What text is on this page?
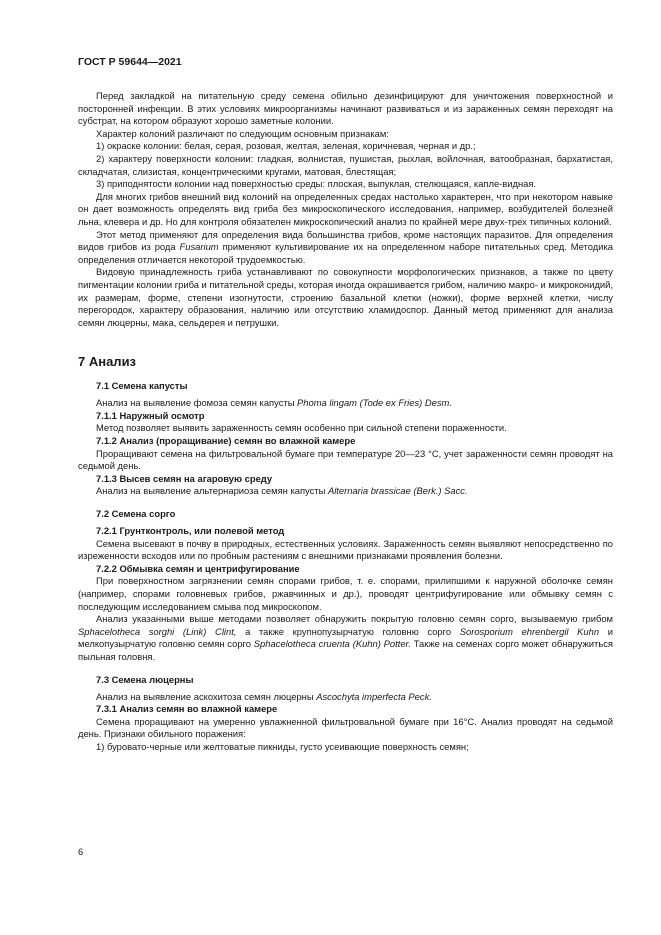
ГОСТ Р 59644—2021

Перед закладкой на питательную среду семена обильно дезинфицируют для уничтожения поверхностной и посторонней инфекции. В этих условиях микроорганизмы начинают развиваться и из зараженных семян переходят на субстрат, на котором образуют хорошо заметные колонии.

Характер колоний различают по следующим основным признакам:

1) окраске колонии: белая, серая, розовая, желтая, зеленая, коричневая, черная и др.;

2) характеру поверхности колонии: гладкая, волнистая, пушистая, рыхлая, войлочная, ватообразная, бархатистая, складчатая, слизистая, концентрическими кругами, матовая, блестящая;

3) приподнятости колонии над поверхностью среды: плоская, выпуклая, стелющаяся, капле-видная.

Для многих грибов внешний вид колоний на определенных средах настолько характерен, что при некотором навыке он дает возможность определять вид гриба без микроскопического исследования, например, возбудителей болезней льна, клевера и др. Но для контроля обязателен микроскопический анализ по крайней мере двух-трех типичных колоний.

Этот метод применяют для определения вида большинства грибов, кроме настоящих паразитов. Для определения видов грибов из рода Fusarium применяют культивирование их на определенном наборе питательных сред. Методика определения отличается некоторой трудоемкостью.

Видовую принадлежность гриба устанавливают по совокупности морфологических признаков, а также по цвету пигментации колонии гриба и питательной среды, которая иногда окрашивается грибом, наличию макро- и микроконидий, их размерам, форме, степени изогнутости, строению базальной клетки (ножки), форме верхней клетки, числу перегородок, характеру образования, наличию или отсутствию хламидоспор. Данный метод применяют для анализа семян люцерны, мака, сельдерея и петрушки.

7 Анализ
7.1 Семена капусты

Анализ на выявление фомоза семян капусты Phoma lingam (Tode ex Fries) Desm.

7.1.1 Наружный осмотр

Метод позволяет выявить зараженность семян особенно при сильной степени пораженности.

7.1.2 Анализ (проращивание) семян во влажной камере

Проращивают семена на фильтровальной бумаге при температуре 20—23 °С, учет зараженности семян проводят на седьмой день.

7.1.3 Высев семян на агаровую среду

Анализ на выявление альтернариоза семян капусты Alternaria brassicae (Berk.) Sacc.

7.2 Семена сорго
7.2.1 Грунтконтроль, или полевой метод

Семена высевают в почву в природных, естественных условиях. Зараженность семян выявляют непосредственно по изреженности всходов или по пробным растениям с внешними признаками проявления болезни.

7.2.2 Обмывка семян и центрифугирование

При поверхностном загрязнении семян спорами грибов, т. е. спорами, прилипшими к наружной оболочке семян (например, спорами головневых грибов, ржавчинных и др.), проводят центрифугирование или обмывку семян с последующим исследованием смыва под микроскопом.

Анализ указанными выше методами позволяет обнаружить покрытую головню семян сорго, вызываемую грибом Sphacelotheca sorghi (Link) Clint, а также крупнопузырчатую головню сорго Sorosporium ehrenbergil Kuhn и мелкопузырчатую головню семян сорго Sphacelotheca cruenta (Kuhn) Potter. Также на семенах сорго может обнаружиться пыльная головня.

7.3 Семена люцерны

Анализ на выявление аскохитоза семян люцерны Ascochyta imperfecta Peck.

7.3.1 Анализ семян во влажной камере

Семена проращивают на умеренно увлажненной фильтровальной бумаге при 16°С. Анализ проводят на седьмой день. Признаки обильного поражения:

1) буровато-черные или желтоватые пикниды, густо усеивающие поверхность семян;

6
